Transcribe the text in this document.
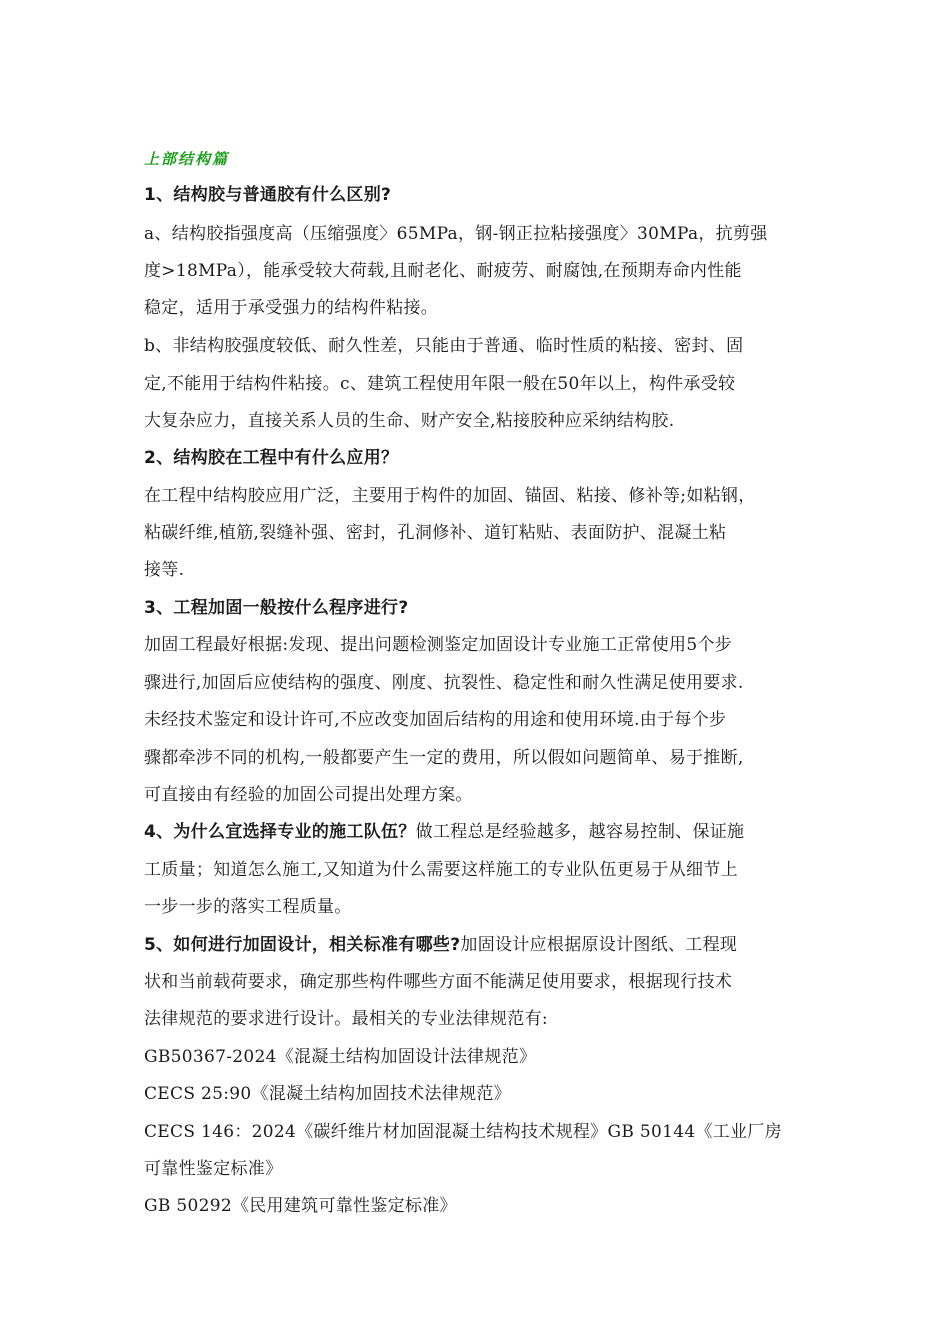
上部结构篇
1、结构胶与普通胶有什么区别?
a、结构胶指强度高（压缩强度〉65MPa，钢-钢正拉粘接强度〉30MPa，抗剪强
度>18MPa），能承受较大荷载,且耐老化、耐疲劳、耐腐蚀,在预期寿命内性能
稳定，适用于承受强力的结构件粘接。
b、非结构胶强度较低、耐久性差，只能由于普通、临时性质的粘接、密封、固
定,不能用于结构件粘接。c、建筑工程使用年限一般在50年以上，构件承受较
大复杂应力，直接关系人员的生命、财产安全,粘接胶种应采纳结构胶.
2、结构胶在工程中有什么应用？
在工程中结构胶应用广泛，主要用于构件的加固、锚固、粘接、修补等;如粘钢，
粘碳纤维,植筋,裂缝补强、密封，孔洞修补、道钉粘贴、表面防护、混凝土粘
接等.
3、工程加固一般按什么程序进行?
加固工程最好根据:发现、提出问题检测鉴定加固设计专业施工正常使用5个步
骤进行,加固后应使结构的强度、刚度、抗裂性、稳定性和耐久性满足使用要求.
未经技术鉴定和设计许可,不应改变加固后结构的用途和使用环境.由于每个步
骤都牵涉不同的机构,一般都要产生一定的费用，所以假如问题简单、易于推断,
可直接由有经验的加固公司提出处理方案。
4、为什么宜选择专业的施工队伍？做工程总是经验越多，越容易控制、保证施
工质量；知道怎么施工,又知道为什么需要这样施工的专业队伍更易于从细节上
一步一步的落实工程质量。
5、如何进行加固设计，相关标准有哪些?加固设计应根据原设计图纸、工程现
状和当前载荷要求，确定那些构件哪些方面不能满足使用要求，根据现行技术
法律规范的要求进行设计。最相关的专业法律规范有:
GB50367-2024《混凝土结构加固设计法律规范》
CECS 25:90《混凝土结构加固技术法律规范》
CECS 146：2024《碳纤维片材加固混凝土结构技术规程》GB 50144《工业厂房
可靠性鉴定标准》
GB 50292《民用建筑可靠性鉴定标准》
